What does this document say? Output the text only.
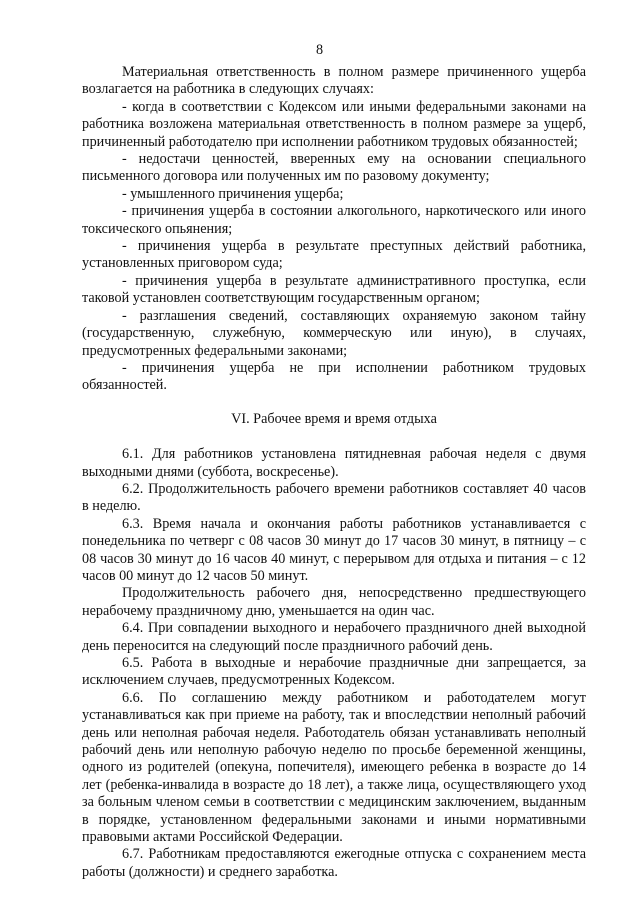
8

Материальная ответственность в полном размере причиненного ущерба возлагается на работника в следующих случаях:

- когда в соответствии с Кодексом или иными федеральными законами на работника возложена материальная ответственность в полном размере за ущерб, причиненный работодателю при исполнении работником трудовых обязанностей;

- недостачи ценностей, вверенных ему на основании специального письменного договора или полученных им по разовому документу;

- умышленного причинения ущерба;

- причинения ущерба в состоянии алкогольного, наркотического или иного токсического опьянения;

- причинения ущерба в результате преступных действий работника, установленных приговором суда;

- причинения ущерба в результате административного проступка, если таковой установлен соответствующим государственным органом;

- разглашения сведений, составляющих охраняемую законом тайну (государственную, служебную, коммерческую или иную), в случаях, предусмотренных федеральными законами;

- причинения ущерба не при исполнении работником трудовых обязанностей.

VI. Рабочее время и время отдыха

6.1. Для работников установлена пятидневная рабочая неделя с двумя выходными днями (суббота, воскресенье).

6.2. Продолжительность рабочего времени работников составляет 40 часов в неделю.

6.3. Время начала и окончания работы работников устанавливается с понедельника по четверг с 08 часов 30 минут до 17 часов 30 минут, в пятницу – с 08 часов 30 минут до 16 часов 40 минут, с перерывом для отдыха и питания – с 12 часов 00 минут до 12 часов 50 минут.

Продолжительность рабочего дня, непосредственно предшествующего нерабочему праздничному дню, уменьшается на один час.

6.4. При совпадении выходного и нерабочего праздничного дней выходной день переносится на следующий после праздничного рабочий день.

6.5. Работа в выходные и нерабочие праздничные дни запрещается, за исключением случаев, предусмотренных Кодексом.

6.6. По соглашению между работником и работодателем могут устанавливаться как при приеме на работу, так и впоследствии неполный рабочий день или неполная рабочая неделя. Работодатель обязан устанавливать неполный рабочий день или неполную рабочую неделю по просьбе беременной женщины, одного из родителей (опекуна, попечителя), имеющего ребенка в возрасте до 14 лет (ребенка-инвалида в возрасте до 18 лет), а также лица, осуществляющего уход за больным членом семьи в соответствии с медицинским заключением, выданным в порядке, установленном федеральными законами и иными нормативными правовыми актами Российской Федерации.

6.7. Работникам предоставляются ежегодные отпуска с сохранением места работы (должности) и среднего заработка.
